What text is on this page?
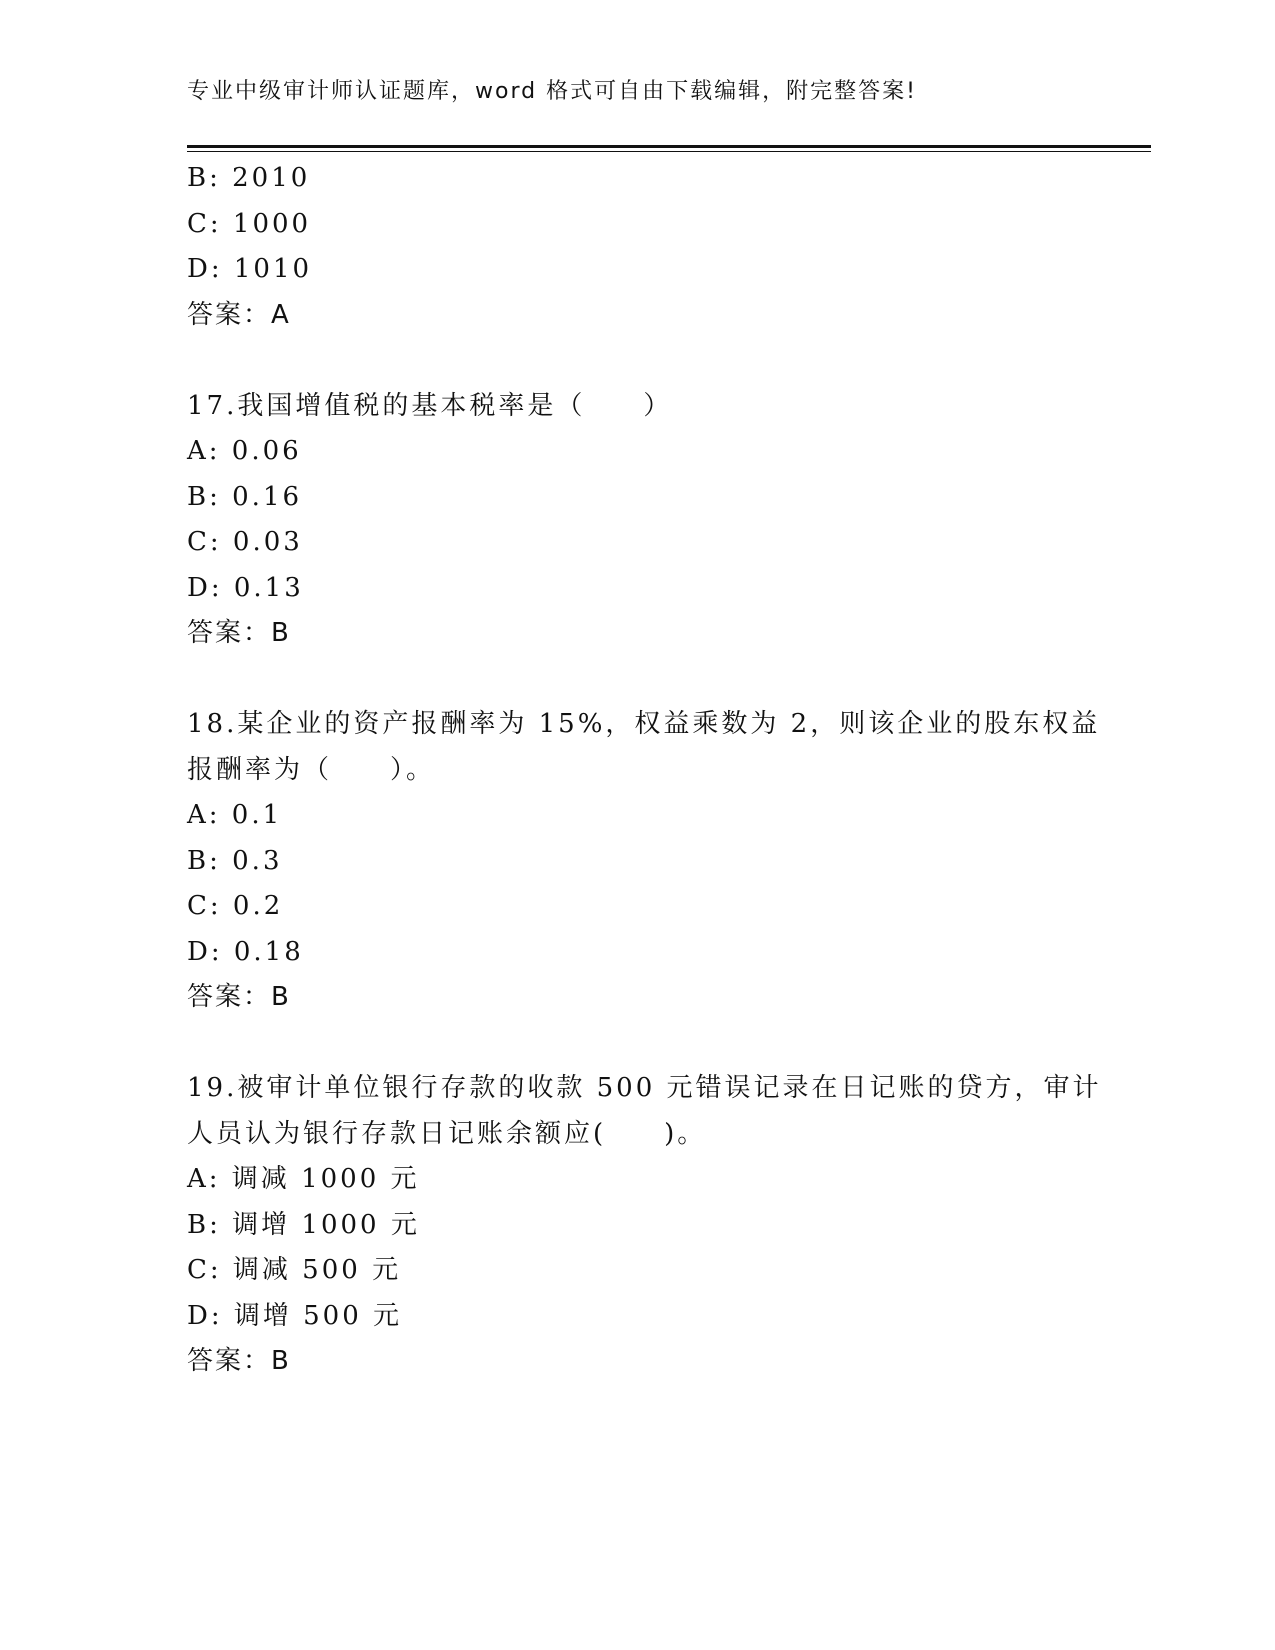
专业中级审计师认证题库，word 格式可自由下载编辑，附完整答案!
B: 2010
C: 1000
D: 1010
答案：A
17.我国增值税的基本税率是（　　）
A: 0.06
B: 0.16
C: 0.03
D: 0.13
答案：B
18.某企业的资产报酬率为 15%，权益乘数为 2，则该企业的股东权益
报酬率为（　　）。
A: 0.1
B: 0.3
C: 0.2
D: 0.18
答案：B
19.被审计单位银行存款的收款 500 元错误记录在日记账的贷方，审计
人员认为银行存款日记账余额应(　　)。
A: 调减 1000 元
B: 调增 1000 元
C: 调减 500 元
D: 调增 500 元
答案：B
